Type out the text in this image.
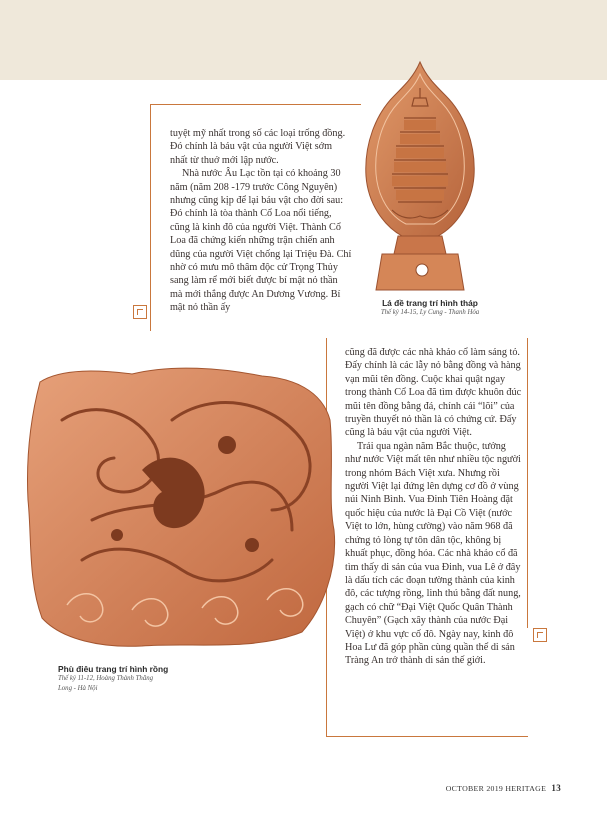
tuyệt mỹ nhất trong số các loại trống đồng. Đó chính là báu vật của người Việt sớm nhất từ thuở mới lập nước.

Nhà nước Âu Lạc tồn tại có khoảng 30 năm (năm 208 -179 trước Công Nguyên) nhưng cũng kịp để lại báu vật cho đời sau: Đó chính là tòa thành Cổ Loa nổi tiếng, cũng là kinh đô của người Việt. Thành Cổ Loa đã chứng kiến những trận chiến anh dũng của người Việt chống lại Triệu Đà. Chỉ nhờ có mưu mô thâm độc cử Trọng Thủy sang làm rể mới biết được bí mật nỏ thần mà mới thắng được An Dương Vương. Bí mật nỏ thần ấy	Lá đề trang trí hình tháp
Thế kỷ 14-15, Ly Cung - Thanh Hóa

cũng đã được các nhà khảo cổ làm sáng tỏ. Đấy chính là các lẫy nỏ bằng đồng và hàng vạn mũi tên đồng. Cuộc khai quật ngay trong thành Cổ Loa đã tìm được khuôn đúc mũi tên đồng bằng đá, chính cái “lõi” của truyền thuyết nỏ thần là có chứng cứ. Đấy cũng là báu vật của người Việt.

Trải qua ngàn năm Bắc thuộc, tưởng như nước Việt mất tên như nhiều tộc người trong nhóm Bách Việt xưa. Nhưng rồi người Việt lại đứng lên dựng cơ đồ ở vùng núi Ninh Bình. Vua Đinh Tiên Hoàng đặt quốc hiệu của nước là Đại Cồ Việt (nước Việt to lớn, hùng cường) vào năm 968 đã chứng tỏ lòng tự tôn dân tộc, không bị khuất phục, đồng hóa. Các nhà khảo cổ đã tìm thấy di sản của vua Đinh, vua Lê ở đây là dấu tích các đoạn tường thành của kinh đô, các tượng rồng, linh thú bằng đất nung, gạch có chữ “Đại Việt Quốc Quân Thành Chuyên” (Gạch xây thành của nước Đại Việt) ở khu vực cố đô. Ngày nay, kinh đô Hoa Lư đã góp phần cùng quần thể di sản Tràng An trở thành di sản thế giới.

Phù điêu trang trí hình rồng
Thế kỷ 11-12, Hoàng Thành Thăng
Long - Hà Nội
OCTOBER 2019 HERITAGE 13
